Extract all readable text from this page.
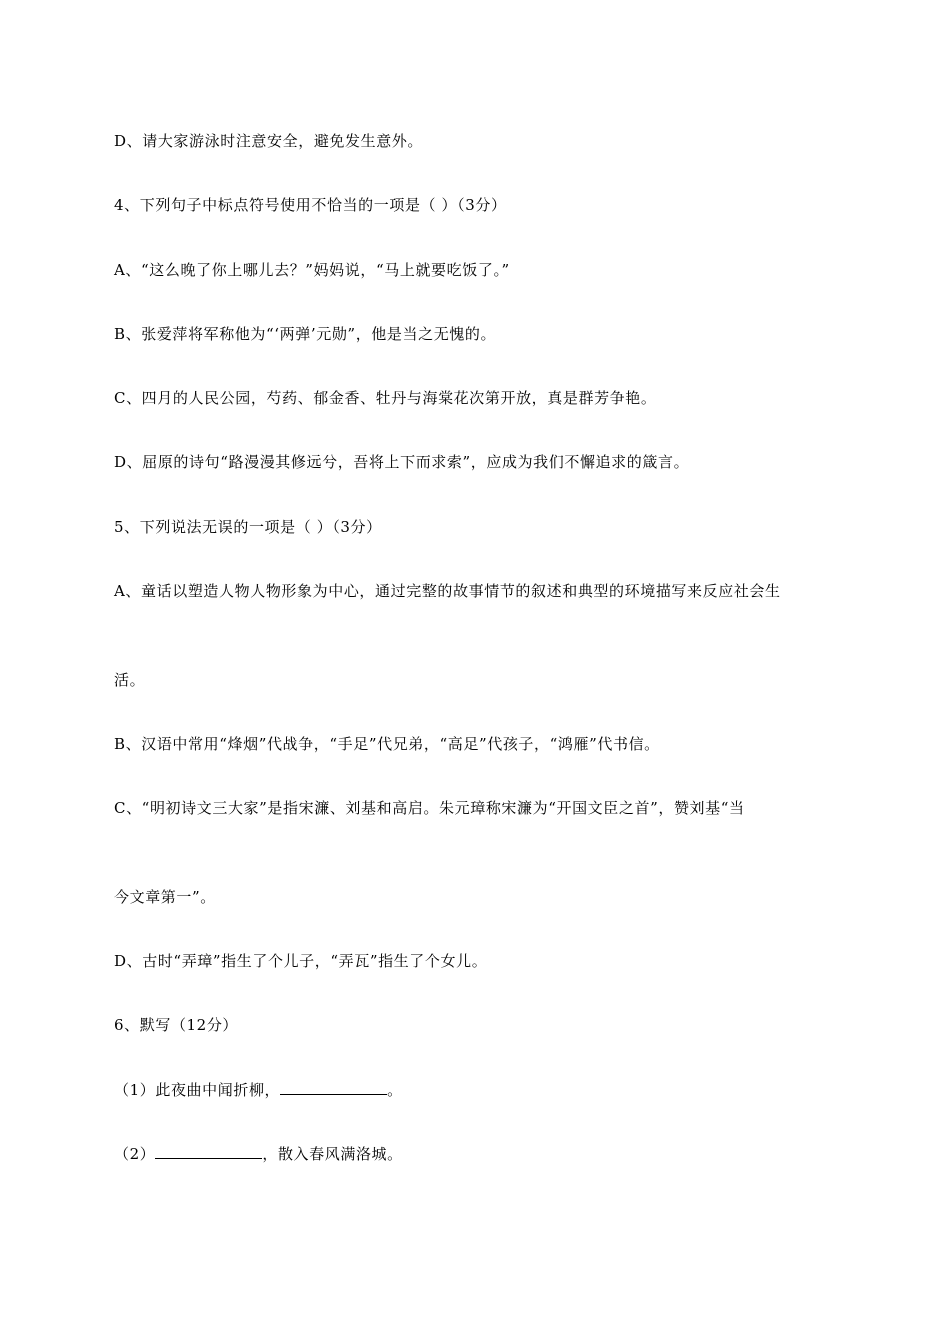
D、请大家游泳时注意安全，避免发生意外。
4、下列句子中标点符号使用不恰当的一项是（ ）（3分）
A、“这么晚了你上哪儿去？”妈妈说，“马上就要吃饭了。”
B、张爱萍将军称他为“‘两弹’元勋”，他是当之无愧的。
C、四月的人民公园，芍药、郁金香、牡丹与海棠花次第开放，真是群芳争艳。
D、屈原的诗句“路漫漫其修远兮，吾将上下而求索”，应成为我们不懈追求的箴言。
5、下列说法无误的一项是（ ）（3分）
A、童话以塑造人物人物形象为中心，通过完整的故事情节的叙述和典型的环境描写来反应社会生
活。
B、汉语中常用“烽烟”代战争，“手足”代兄弟，“高足”代孩子，“鸿雁”代书信。
C、“明初诗文三大家”是指宋濂、刘基和高启。朱元璋称宋濂为“开国文臣之首”，赞刘基“当
今文章第一”。
D、古时“弄璋”指生了个儿子，“弄瓦”指生了个女儿。
6、默写（12分）
（1）此夜曲中闻折柳，	。
（2）	，散入春风满洛城。
